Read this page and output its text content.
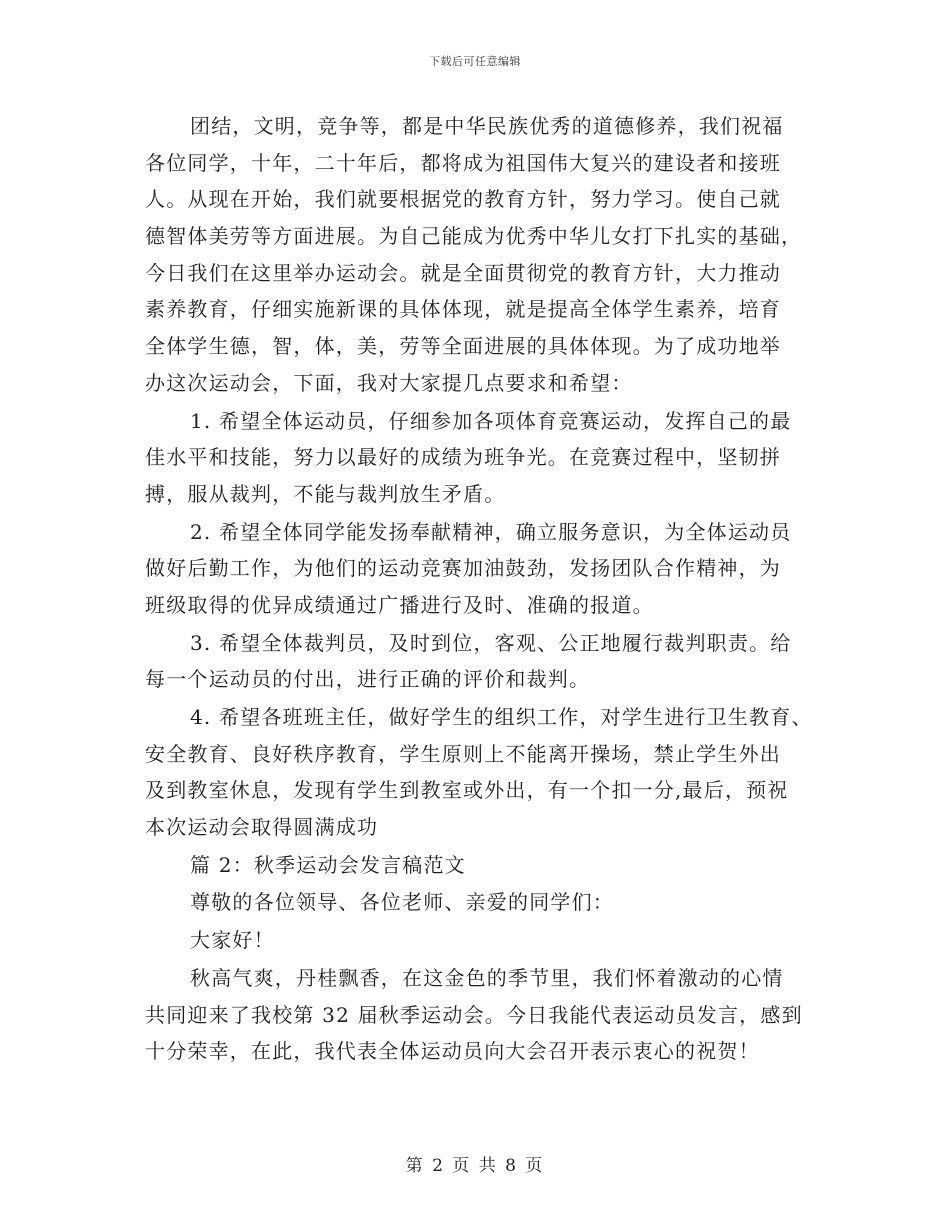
下载后可任意编辑
团结，文明，竞争等，都是中华民族优秀的道德修养，我们祝福
各位同学，十年，二十年后，都将成为祖国伟大复兴的建设者和接班
人。从现在开始，我们就要根据党的教育方针，努力学习。使自己就
德智体美劳等方面进展。为自己能成为优秀中华儿女打下扎实的基础，
今日我们在这里举办运动会。就是全面贯彻党的教育方针，大力推动
素养教育，仔细实施新课的具体体现，就是提高全体学生素养，培育
全体学生德，智，体，美，劳等全面进展的具体体现。为了成功地举
办这次运动会，下面，我对大家提几点要求和希望：
1. 希望全体运动员，仔细参加各项体育竞赛运动，发挥自己的最
佳水平和技能，努力以最好的成绩为班争光。在竞赛过程中，坚韧拼
搏，服从裁判，不能与裁判放生矛盾。
2. 希望全体同学能发扬奉献精神，确立服务意识，为全体运动员
做好后勤工作，为他们的运动竞赛加油鼓劲，发扬团队合作精神，为
班级取得的优异成绩通过广播进行及时、准确的报道。
3. 希望全体裁判员，及时到位，客观、公正地履行裁判职责。给
每一个运动员的付出，进行正确的评价和裁判。
4. 希望各班班主任，做好学生的组织工作，对学生进行卫生教育、
安全教育、良好秩序教育，学生原则上不能离开操场，禁止学生外出
及到教室休息，发现有学生到教室或外出，有一个扣一分,最后，预祝
本次运动会取得圆满成功
篇 2：秋季运动会发言稿范文
尊敬的各位领导、各位老师、亲爱的同学们：
大家好！
秋高气爽，丹桂飘香，在这金色的季节里，我们怀着激动的心情
共同迎来了我校第 32 届秋季运动会。今日我能代表运动员发言，感到
十分荣幸，在此，我代表全体运动员向大会召开表示衷心的祝贺！
第 2 页 共 8 页
